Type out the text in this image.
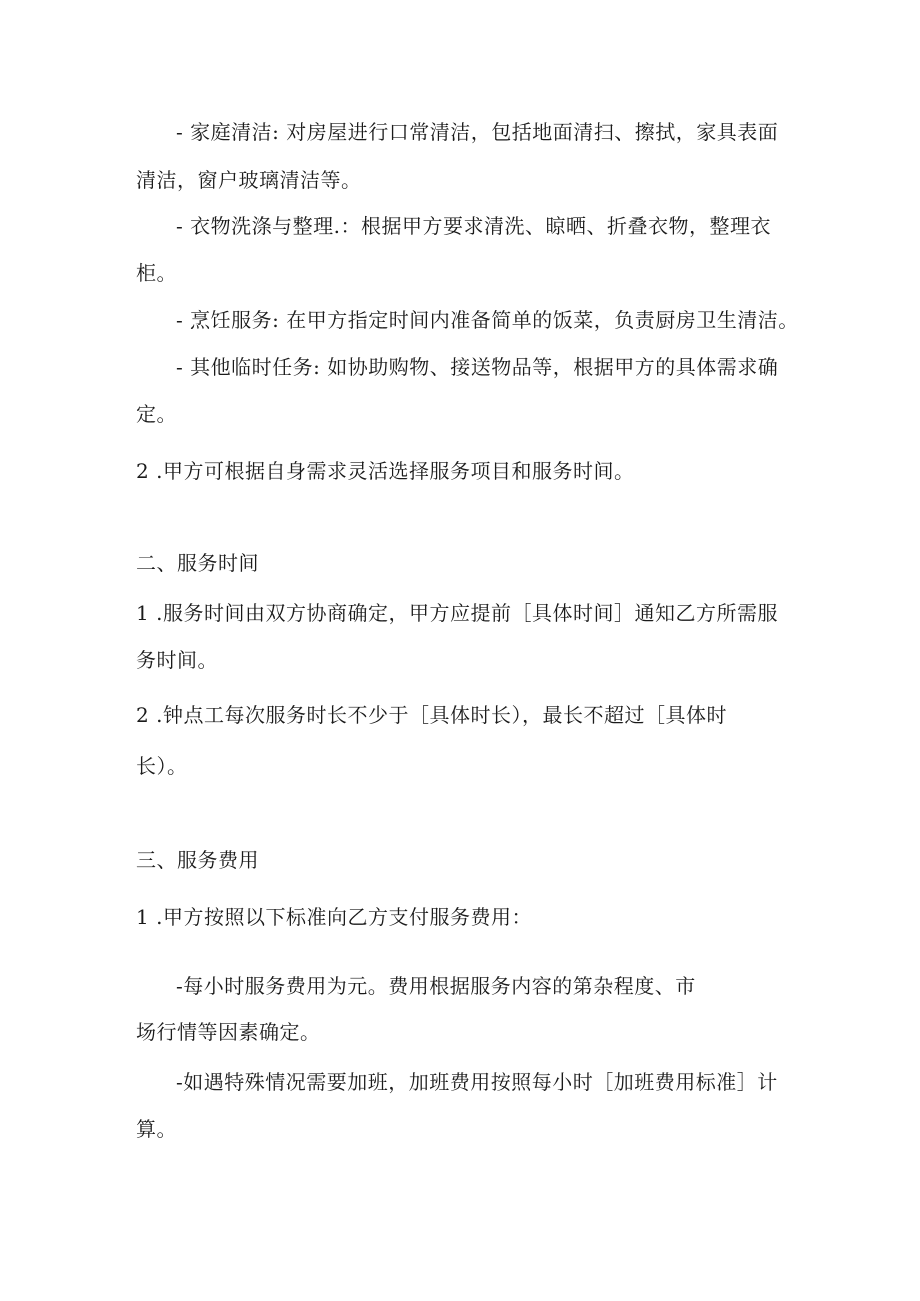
- 家庭清洁: 对房屋进行口常清洁，包括地面清扫、擦拭，家具表面
清洁，窗户玻璃清洁等。
- 衣物洗涤与整理.：根据甲方要求清洗、晾晒、折叠衣物，整理衣
柜。
- 烹饪服务: 在甲方指定时间内准备简单的饭菜，负责厨房卫生清洁。
- 其他临时任务: 如协助购物、接送物品等，根据甲方的具体需求确
定。
2 .甲方可根据自身需求灵活选择服务项目和服务时间。
二、服务时间
1 .服务时间由双方协商确定，甲方应提前［具体时间］通知乙方所需服
务时间。
2 .钟点工每次服务时长不少于［具体时长），最长不超过［具体时
长）。
三、服务费用
1 .甲方按照以下标准向乙方支付服务费用：
-每小时服务费用为元。费用根据服务内容的第杂程度、市
场行情等因素确定。
-如遇特殊情况需要加班，加班费用按照每小时［加班费用标准］计
算。
